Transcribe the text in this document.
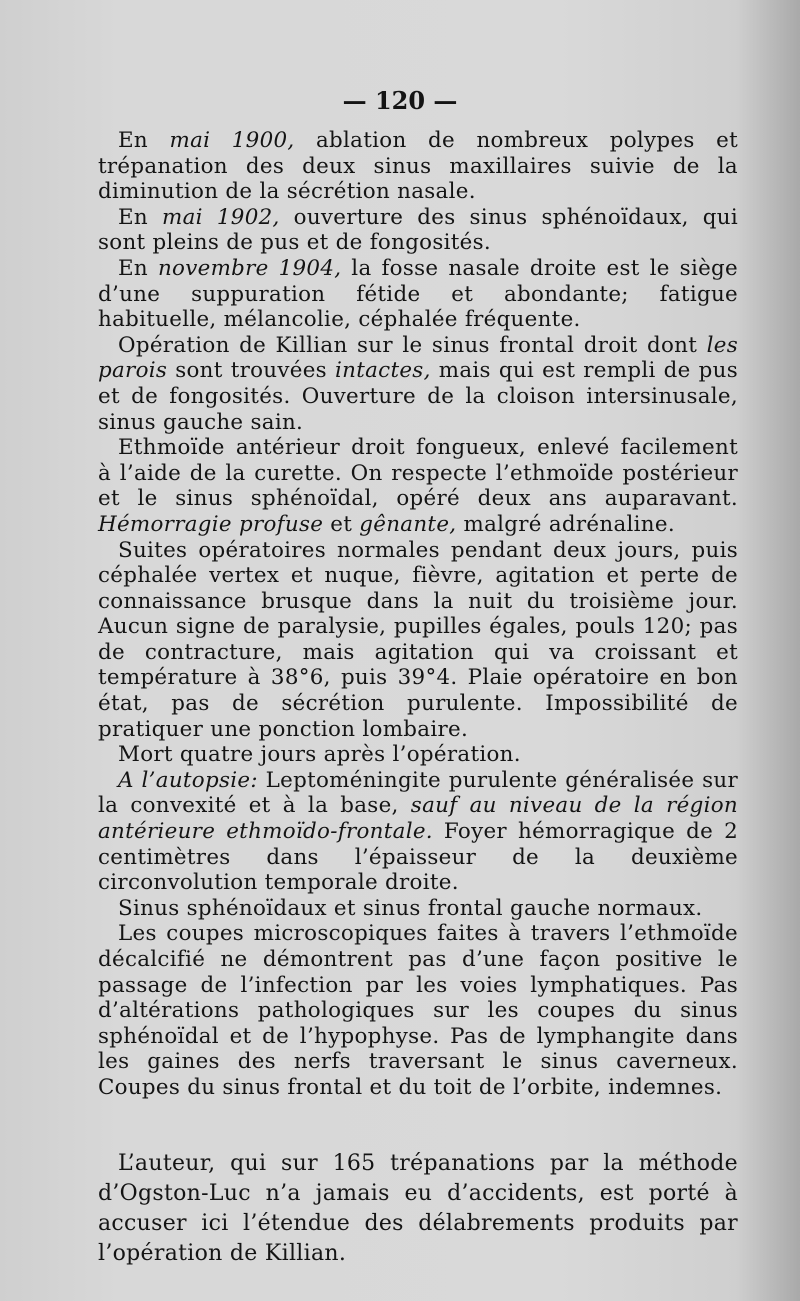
— 120 —

En mai 1900, ablation de nombreux polypes et trépanation des deux sinus maxillaires suivie de la diminution de la sécrétion nasale.

En mai 1902, ouverture des sinus sphénoïdaux, qui sont pleins de pus et de fongosités.

En novembre 1904, la fosse nasale droite est le siège d’une suppuration fétide et abondante; fatigue habituelle, mélancolie, céphalée fréquente.

Opération de Killian sur le sinus frontal droit dont les parois sont trouvées intactes, mais qui est rempli de pus et de fongosités. Ouverture de la cloison intersinusale, sinus gauche sain.

Ethmoïde antérieur droit fongueux, enlevé facilement à l’aide de la curette. On respecte l’ethmoïde postérieur et le sinus sphénoïdal, opéré deux ans auparavant. Hémorragie profuse et gênante, malgré adrénaline.

Suites opératoires normales pendant deux jours, puis céphalée vertex et nuque, fièvre, agitation et perte de connaissance brusque dans la nuit du troisième jour. Aucun signe de paralysie, pupilles égales, pouls 120; pas de contracture, mais agitation qui va croissant et température à 38°6, puis 39°4. Plaie opératoire en bon état, pas de sécrétion purulente. Impossibilité de pratiquer une ponction lombaire.

Mort quatre jours après l’opération.

A l’autopsie: Leptoméningite purulente généralisée sur la convexité et à la base, sauf au niveau de la région antérieure ethmoïdo-frontale. Foyer hémorragique de 2 centimètres dans l’épaisseur de la deuxième circonvolution temporale droite.

Sinus sphénoïdaux et sinus frontal gauche normaux.

Les coupes microscopiques faites à travers l’ethmoïde décalcifié ne démontrent pas d’une façon positive le passage de l’infection par les voies lymphatiques. Pas d’altérations pathologiques sur les coupes du sinus sphénoïdal et de l’hypophyse. Pas de lymphangite dans les gaines des nerfs traversant le sinus caverneux. Coupes du sinus frontal et du toit de l’orbite, indemnes.

L’auteur, qui sur 165 trépanations par la méthode d’Ogston-Luc n’a jamais eu d’accidents, est porté à accuser ici l’étendue des délabrements produits par l’opération de Killian.
